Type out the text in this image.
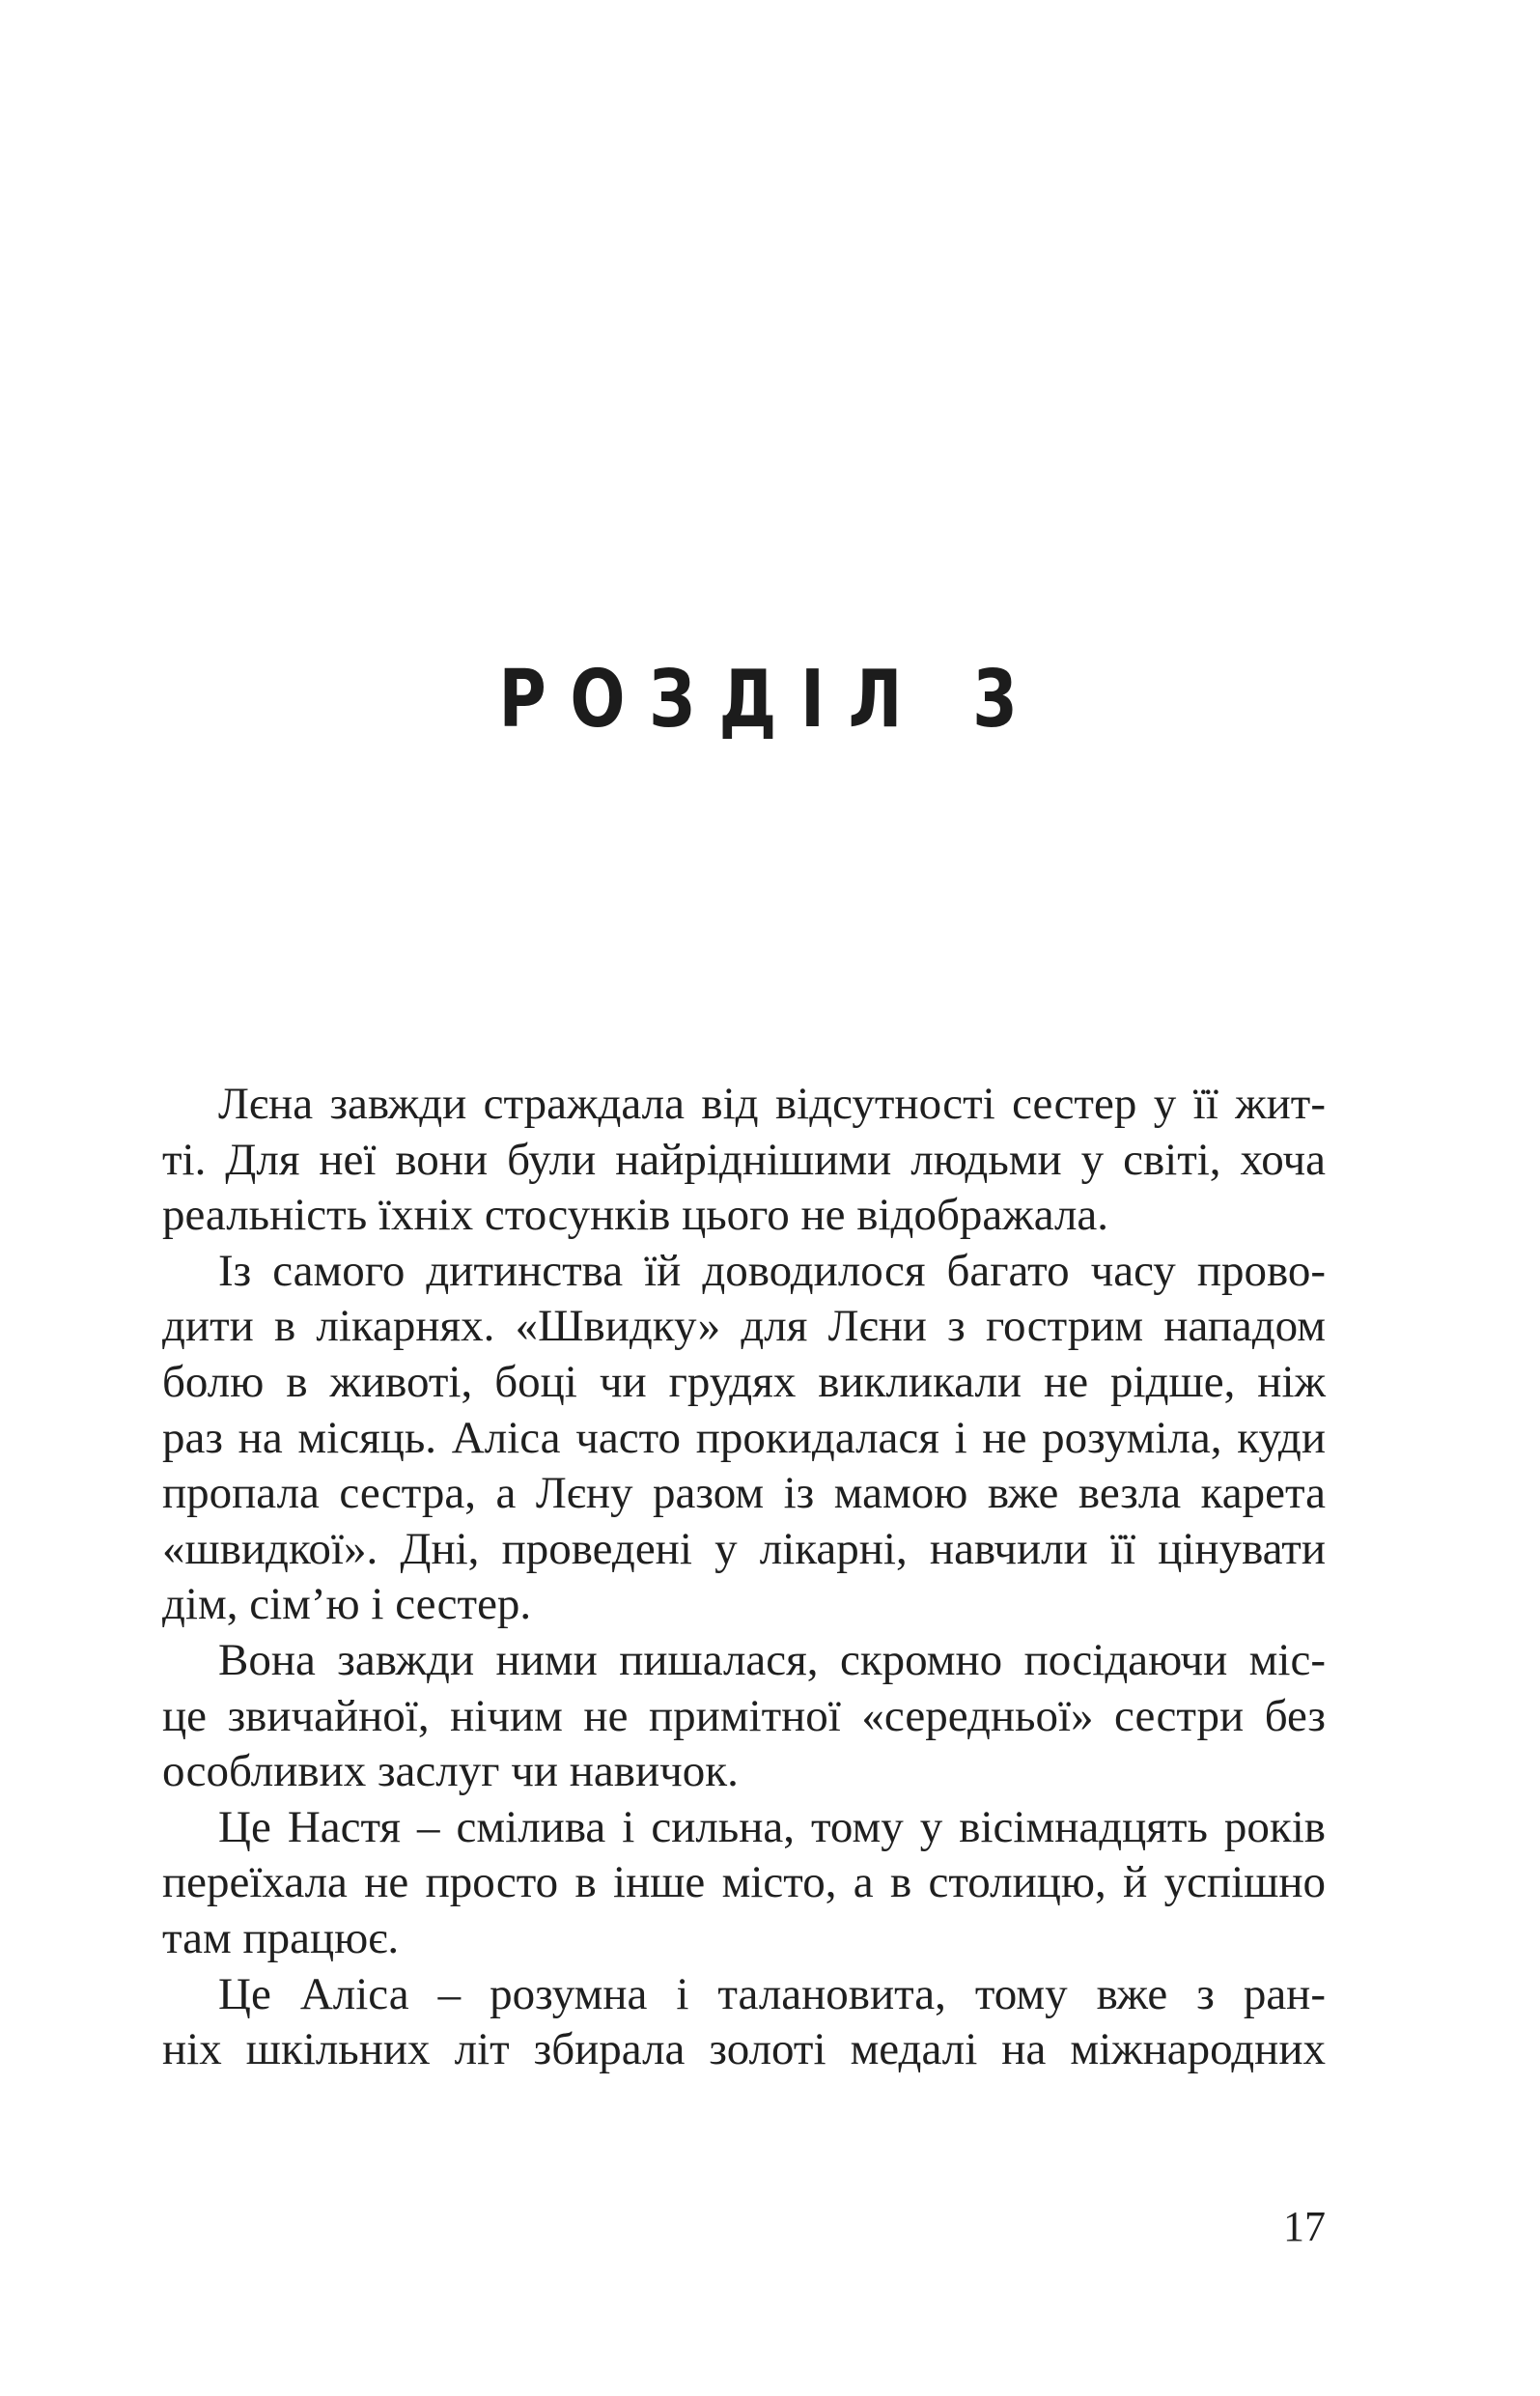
РОЗДІЛ 3
Лєна завжди страждала від відсутності сестер у її жит-
ті. Для неї вони були найріднішими людьми у світі, хоча
реальність їхніх стосунків цього не відображала.
Із самого дитинства їй доводилося багато часу прово-
дити в лікарнях. «Швидку» для Лєни з гострим нападом
болю в животі, боці чи грудях викликали не рідше, ніж
раз на місяць. Аліса часто прокидалася і не розуміла, куди
пропала сестра, а Лєну разом із мамою вже везла карета
«швидкої». Дні, проведені у лікарні, навчили її цінувати
дім, сім’ю і сестер.
Вона завжди ними пишалася, скромно посідаючи міс-
це звичайної, нічим не примітної «середньої» сестри без
особливих заслуг чи навичок.
Це Настя – смілива і сильна, тому у вісімнадцять років
переїхала не просто в інше місто, а в столицю, й успішно
там працює.
Це Аліса – розумна і талановита, тому вже з ран-
ніх шкільних літ збирала золоті медалі на міжнародних
17
